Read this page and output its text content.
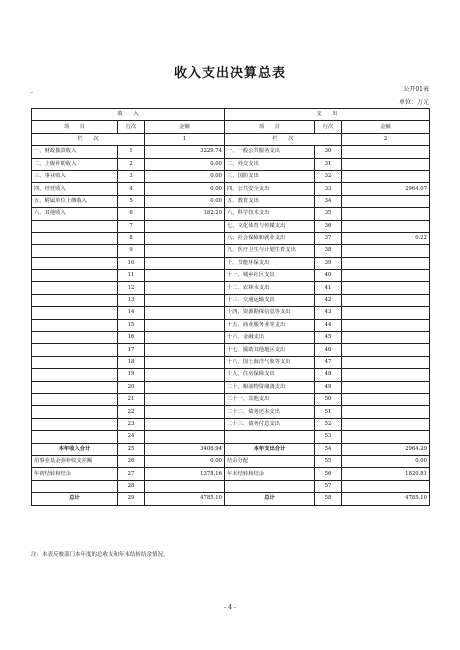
收入支出决算总表
.	公开01表
单位：万元
收　　入			支　　出		
项　　目	行次	金额	项　　目	行次	金额
栏　　次		1	栏　　次		2
一、财政拨款收入	1	3229.74	一、一般公共服务支出	30	
二、上级补助收入	2	0.00	二、外交支出	31	
三、事业收入	3	0.00	三、国防支出	32	
四、经营收入	4	0.00	四、公共安全支出	33	2964.07
五、附属单位上缴收入	5	0.00	五、教育支出	34	
六、其他收入	6	182.20	六、科学技术支出	35	
	7		七、文化体育与传媒支出	36	
	8		八、社会保障和就业支出	37	0.22
	9		九、医疗卫生与计划生育支出	38	
	10		十、节能环保支出	39	
	11		十一、城乡社区支出	40	
	12		十二、农林水支出	41	
	13		十三、交通运输支出	42	
	14		十四、资源勘探信息等支出	43	
	15		十五、商业服务业等支出	44	
	16		十六、金融支出	45	
	17		十七、援助其他地区支出	46	
	18		十八、国土海洋气象等支出	47	
	19		十九、住房保障支出	48	
	20		二十、粮油物资储备支出	49	
	21		二十一、其他支出	50	
	22		二十二、债务还本支出	51	
	23		二十三、债务付息支出	52	
	24			53	
本年收入合计	25	3406.94	本年支出合计	54	2964.29
用事业基金弥补收支差额	26	0.00	结余分配	55	0.00
年初结转和结余	27	1378.16	年末结转和结余	56	1820.81
	28			57	
总计	29	4785.10	总计	58	4785.10
注：本表反映部门本年度的总收支和年末结转结余情况。
- 4 -
